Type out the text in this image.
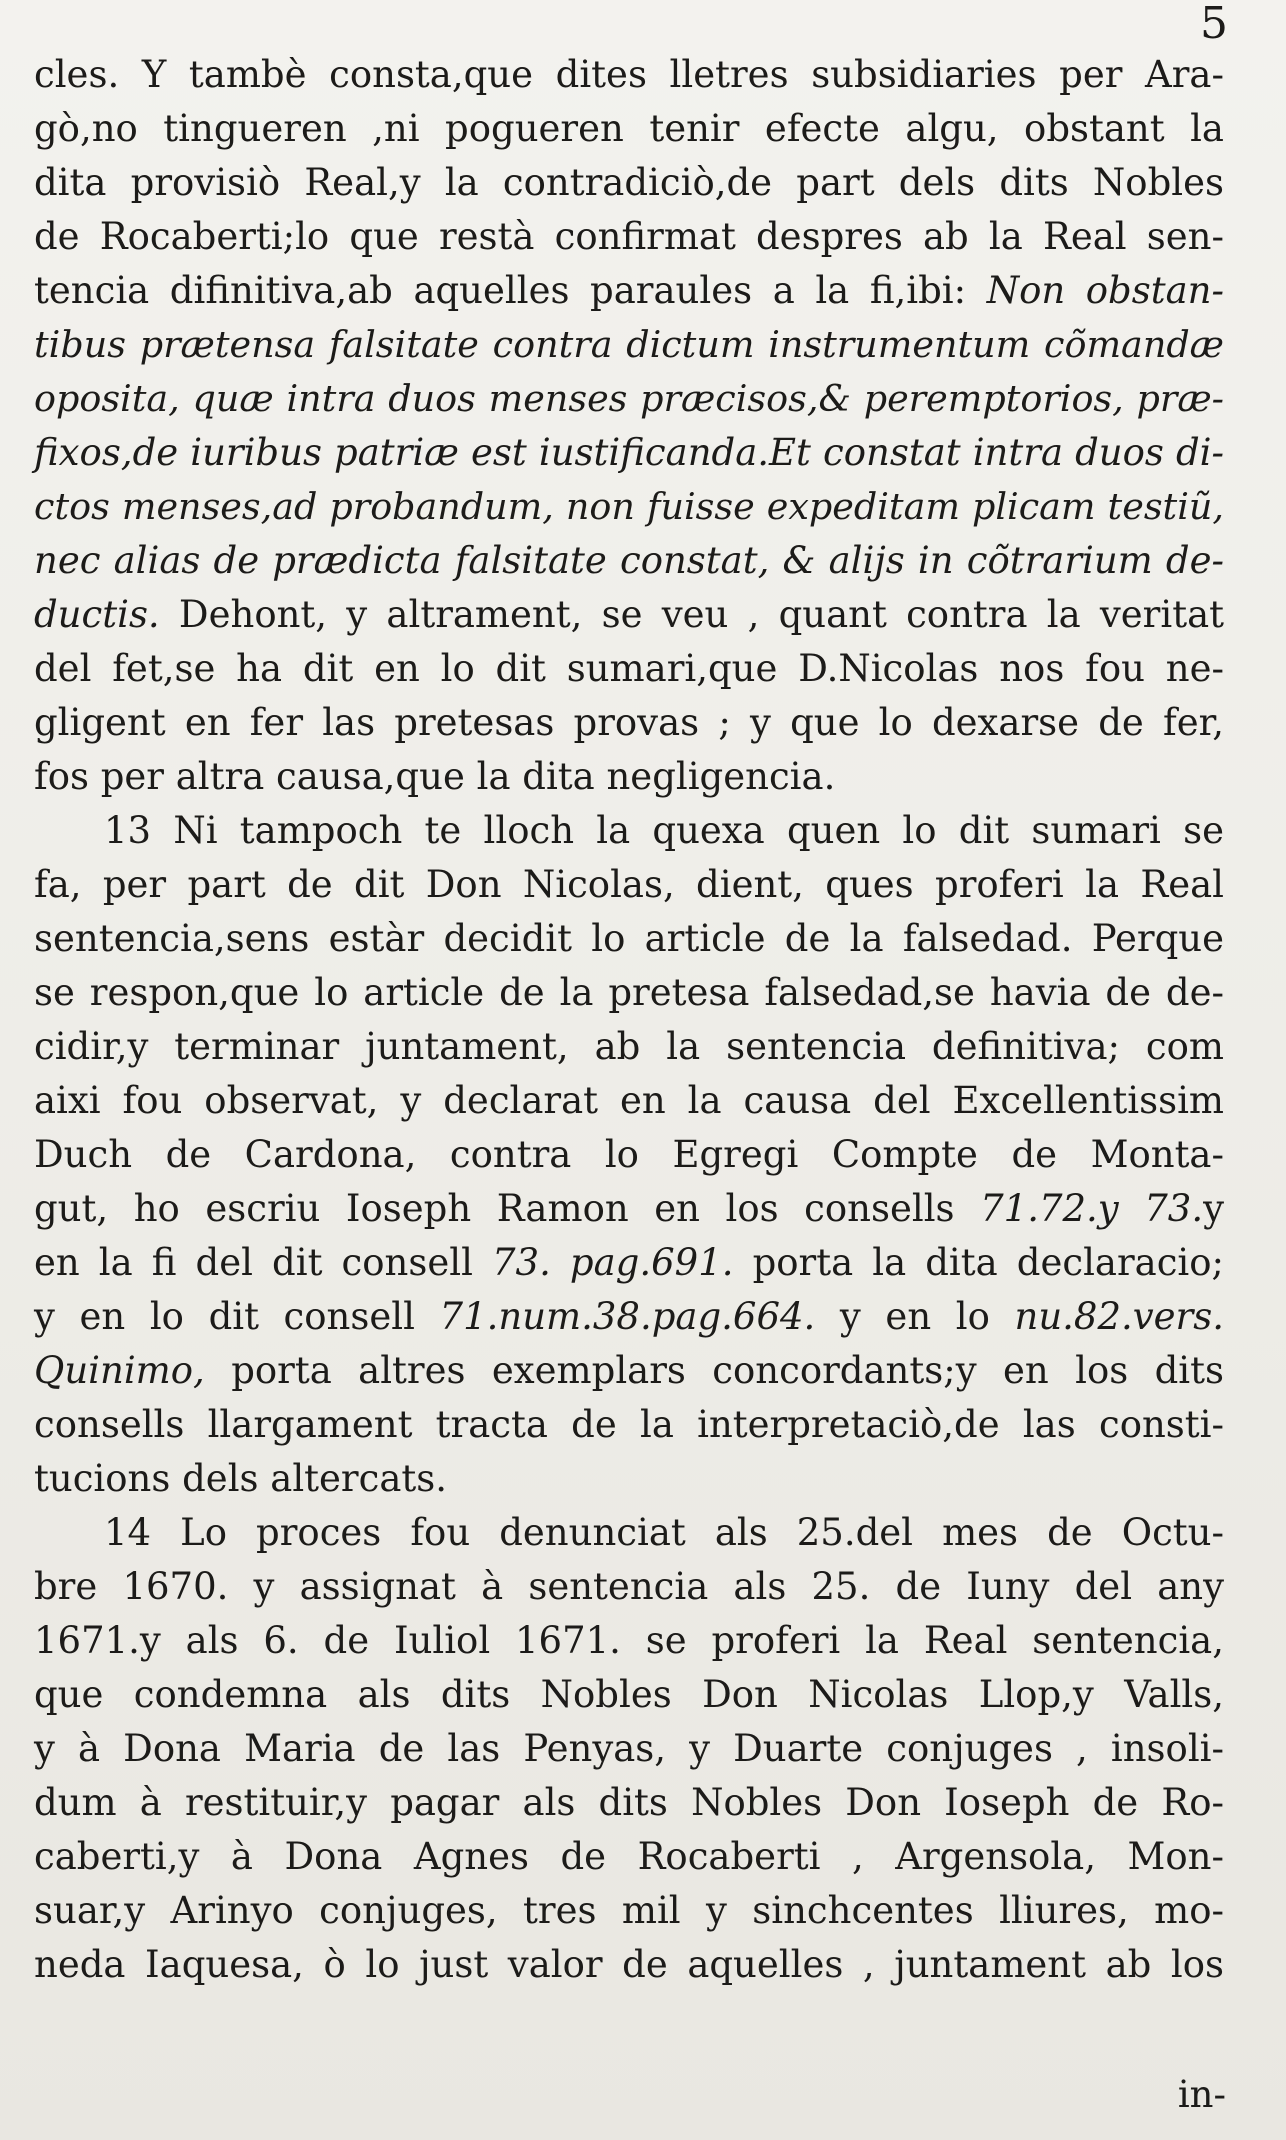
5
cles. Y tambè consta,que dites lletres subsidiaries per Ara-
gò,no tingueren ,ni pogueren tenir efecte algu, obstant la
dita provisiò Real,y la contradiciò,de part dels dits Nobles
de Rocaberti;lo que restà confirmat despres ab la Real sen-
tencia difinitiva,ab aquelles paraules a la fi,ibi: Non obstan-
tibus prætensa falsitate contra dictum instrumentum cõmandæ
oposita, quæ intra duos menses præcisos,& peremptorios, præ-
fixos,de iuribus patriæ est iustificanda.Et constat intra duos di-
ctos menses,ad probandum, non fuisse expeditam plicam testiũ,
nec alias de prædicta falsitate constat, & alijs in cõtrarium de-
ductis. Dehont, y altrament, se veu , quant contra la veritat
del fet,se ha dit en lo dit sumari,que D.Nicolas nos fou ne-
gligent en fer las pretesas provas ; y que lo dexarse de fer,
fos per altra causa,que la dita negligencia.
13 Ni tampoch te lloch la quexa quen lo dit sumari se
fa, per part de dit Don Nicolas, dient, ques proferi la Real
sentencia,sens estàr decidit lo article de la falsedad. Perque
se respon,que lo article de la pretesa falsedad,se havia de de-
cidir,y terminar juntament, ab la sentencia definitiva; com
aixi fou observat, y declarat en la causa del Excellentissim
Duch de Cardona, contra lo Egregi Compte de Monta-
gut, ho escriu Ioseph Ramon en los consells 71.72.y 73.y
en la fi del dit consell 73. pag.691. porta la dita declaracio;
y en lo dit consell 71.num.38.pag.664. y en lo nu.82.vers.
Quinimo, porta altres exemplars concordants;y en los dits
consells llargament tracta de la interpretaciò,de las consti-
tucions dels altercats.
14 Lo proces fou denunciat als 25.del mes de Octu-
bre 1670. y assignat à sentencia als 25. de Iuny del any
1671.y als 6. de Iuliol 1671. se proferi la Real sentencia,
que condemna als dits Nobles Don Nicolas Llop,y Valls,
y à Dona Maria de las Penyas, y Duarte conjuges , insoli-
dum à restituir,y pagar als dits Nobles Don Ioseph de Ro-
caberti,y à Dona Agnes de Rocaberti , Argensola, Mon-
suar,y Arinyo conjuges, tres mil y sinchcentes lliures, mo-
neda Iaquesa, ò lo just valor de aquelles , juntament ab los
in-
